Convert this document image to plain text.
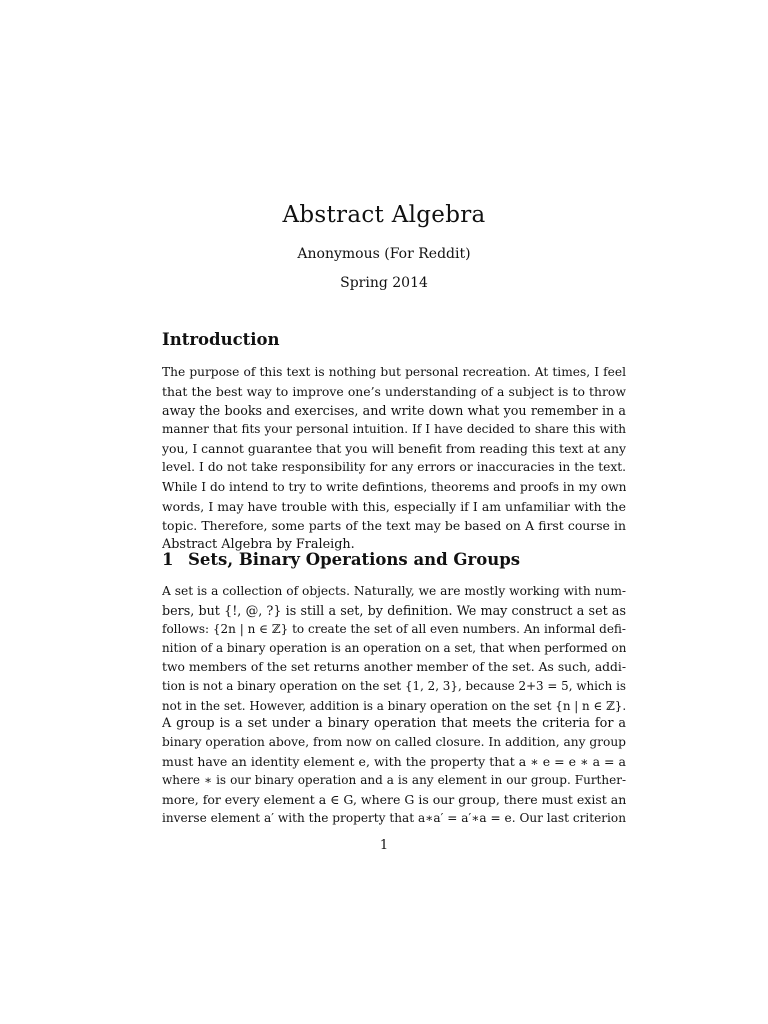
Abstract Algebra
Anonymous (For Reddit)
Spring 2014
Introduction
The purpose of this text is nothing but personal recreation. At times, I feel
that the best way to improve one’s understanding of a subject is to throw
away the books and exercises, and write down what you remember in a
manner that fits your personal intuition. If I have decided to share this with
you, I cannot guarantee that you will benefit from reading this text at any
level. I do not take responsibility for any errors or inaccuracies in the text.
While I do intend to try to write defintions, theorems and proofs in my own
words, I may have trouble with this, especially if I am unfamiliar with the
topic. Therefore, some parts of the text may be based on A first course in
Abstract Algebra by Fraleigh.
1 Sets, Binary Operations and Groups
A set is a collection of objects. Naturally, we are mostly working with num-
bers, but {!, @, ?} is still a set, by definition. We may construct a set as
follows: {2n | n ∈ ℤ} to create the set of all even numbers. An informal defi-
nition of a binary operation is an operation on a set, that when performed on
two members of the set returns another member of the set. As such, addi-
tion is not a binary operation on the set {1, 2, 3}, because 2+3 = 5, which is
not in the set. However, addition is a binary operation on the set {n | n ∈ ℤ}.
A group is a set under a binary operation that meets the criteria for a
binary operation above, from now on called closure. In addition, any group
must have an identity element e, with the property that a ∗ e = e ∗ a = a
where ∗ is our binary operation and a is any element in our group. Further-
more, for every element a ∈ G, where G is our group, there must exist an
inverse element a′ with the property that a∗a′ = a′∗a = e. Our last criterion
1
